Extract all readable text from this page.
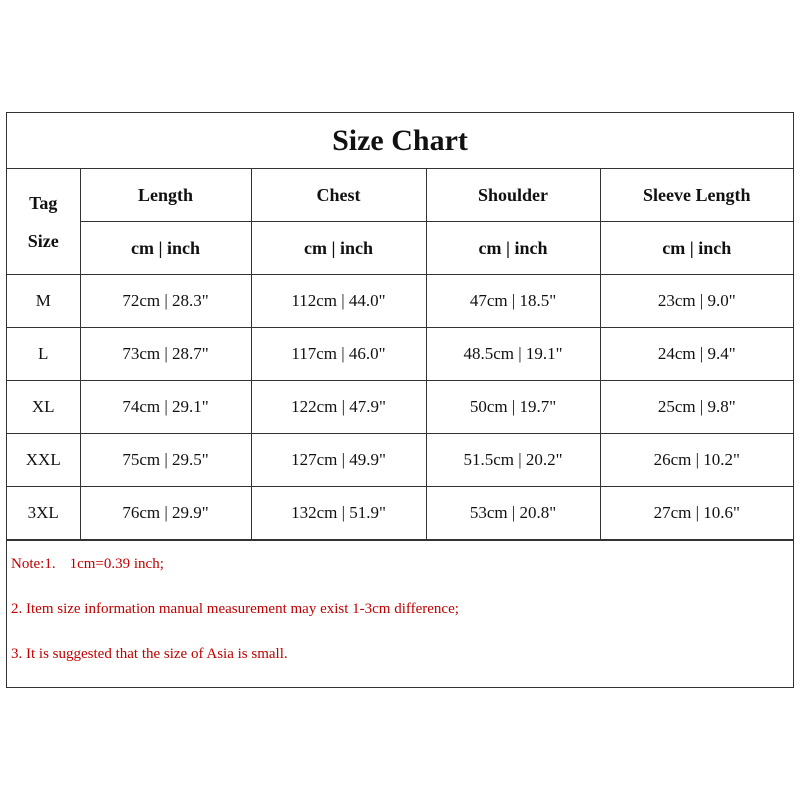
Size Chart
Tag
Size	Length	Chest	Shoulder	Sleeve Length
	cm | inch	cm | inch	cm | inch	cm | inch
M	72cm | 28.3"	112cm | 44.0"	47cm | 18.5"	23cm | 9.0"
L	73cm | 28.7"	117cm | 46.0"	48.5cm | 19.1"	24cm | 9.4"
XL	74cm | 29.1"	122cm | 47.9"	50cm | 19.7"	25cm | 9.8"
XXL	75cm | 29.5"	127cm | 49.9"	51.5cm | 20.2"	26cm | 10.2"
3XL	76cm | 29.9"	132cm | 51.9"	53cm | 20.8"	27cm | 10.6"
Note:1. 1cm=0.39 inch;
2. Item size information manual measurement may exist 1-3cm difference;
3. It is suggested that the size of Asia is small.
